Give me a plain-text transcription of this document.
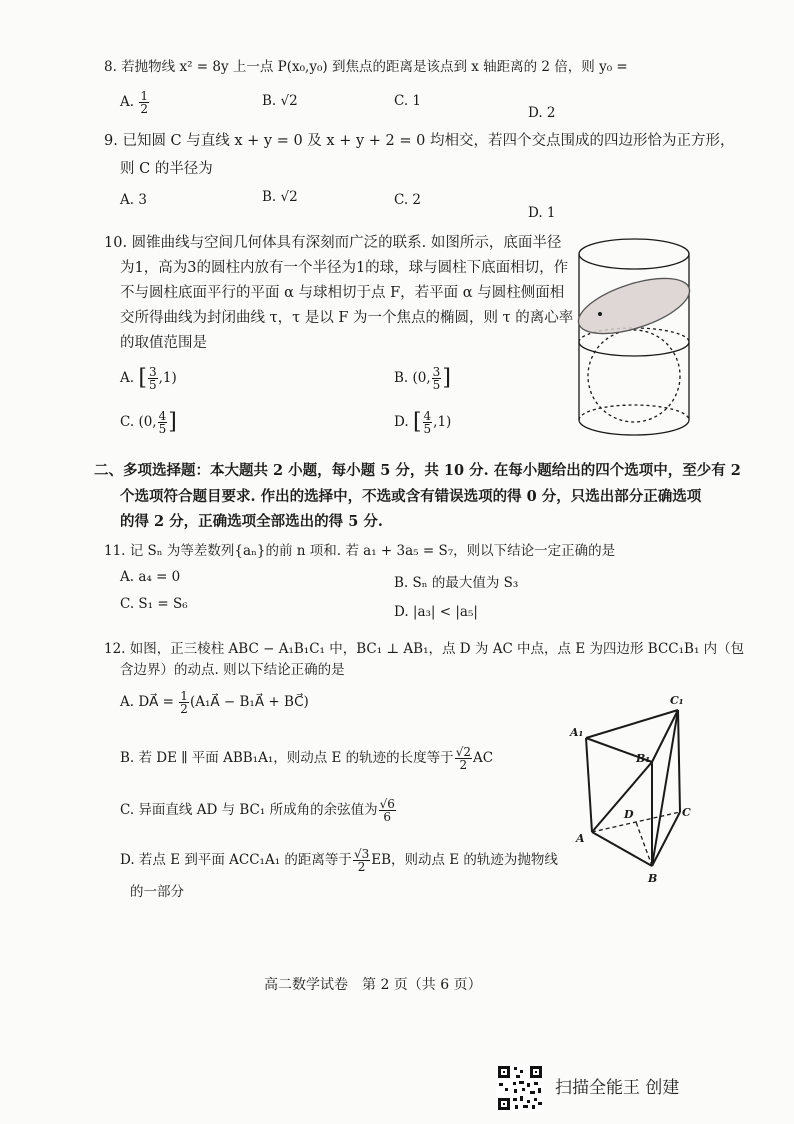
8. 若抛物线 x² = 8y 上一点 P(x₀,y₀) 到焦点的距离是该点到 x 轴距离的 2 倍，则 y₀ =
A. $\frac{1}{2}$	B. √2	C. 1
D. 2
9. 已知圆 C 与直线 x + y = 0 及 x + y + 2 = 0 均相交，若四个交点围成的四边形恰为正方形，
则 C 的半径为
A. 3	B. √2	C. 2
D. 1
10. 圆锥曲线与空间几何体具有深刻而广泛的联系. 如图所示，底面半径
为1，高为3的圆柱内放有一个半径为1的球，球与圆柱下底面相切，作
不与圆柱底面平行的平面 α 与球相切于点 F，若平面 α 与圆柱侧面相
交所得曲线为封闭曲线 τ，τ 是以 F 为一个焦点的椭圆，则 τ 的离心率
的取值范围是
A. [ $\frac{3}{5} ,1$)	B. (0, $\frac{3}{5}$ ]
C. (0, $\frac{4}{5}$ ]	D. [ $\frac{4}{5} ,1$)
二、多项选择题：本大题共 2 小题，每小题 5 分，共 10 分. 在每小题给出的四个选项中，至少有 2
个选项符合题目要求. 作出的选择中，不选或含有错误选项的得 0 分，只选出部分正确选项
的得 2 分，正确选项全部选出的得 5 分.
11. 记 Sₙ 为等差数列{aₙ}的前 n 项和. 若 a₁ + 3a₅ = S₇，则以下结论一定正确的是
A. a₄ = 0	B. Sₙ 的最大值为 S₃
C. S₁ = S₆	D. |a₃| < |a₅|
12. 如图，正三棱柱 ABC − A₁B₁C₁ 中，BC₁ ⊥ AB₁，点 D 为 AC 中点，点 E 为四边形 BCC₁B₁ 内（包
含边界）的动点. 则以下结论正确的是
A. DA⃗ = $\frac{1}{2}$ (A₁A⃗ − B₁A⃗ + BC⃗)
B. 若 DE ∥ 平面 ABB₁A₁，则动点 E 的轨迹的长度等于 $\frac{√2}{2}$ AC
C. 异面直线 AD 与 BC₁ 所成角的余弦值为 $\frac{√6}{6}$
D. 若点 E 到平面 ACC₁A₁ 的距离等于 $\frac{√3}{2}$ EB，则动点 E 的轨迹为抛物线
的一部分
C₁
A₁
B₁
D	C
A
B
高二数学试卷　第 2 页（共 6 页）
扫描全能王 创建
